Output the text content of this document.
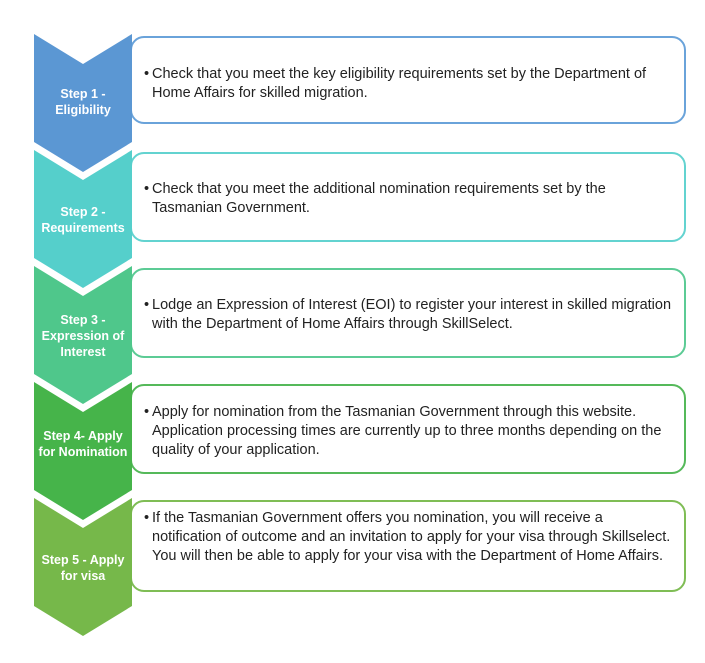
• Check that you meet the key eligibility requirements set by the Department of Home Affairs for skilled migration.
Step 1 - Eligibility
• Check that you meet the additional nomination requirements set by the Tasmanian Government.
Step 2 - Requirements
• Lodge an Expression of Interest (EOI) to register your interest in skilled migration with the Department of Home Affairs through SkillSelect.
Step 3 - Expression of Interest
• Apply for nomination from the Tasmanian Government through this website. Application processing times are currently up to three months depending on the quality of your application.
Step 4- Apply for Nomination
• If the Tasmanian Government offers you nomination, you will receive a notification of outcome and an invitation to apply for your visa through Skillselect. You will then be able to apply for your visa with the Department of Home Affairs.
Step 5 - Apply for visa
